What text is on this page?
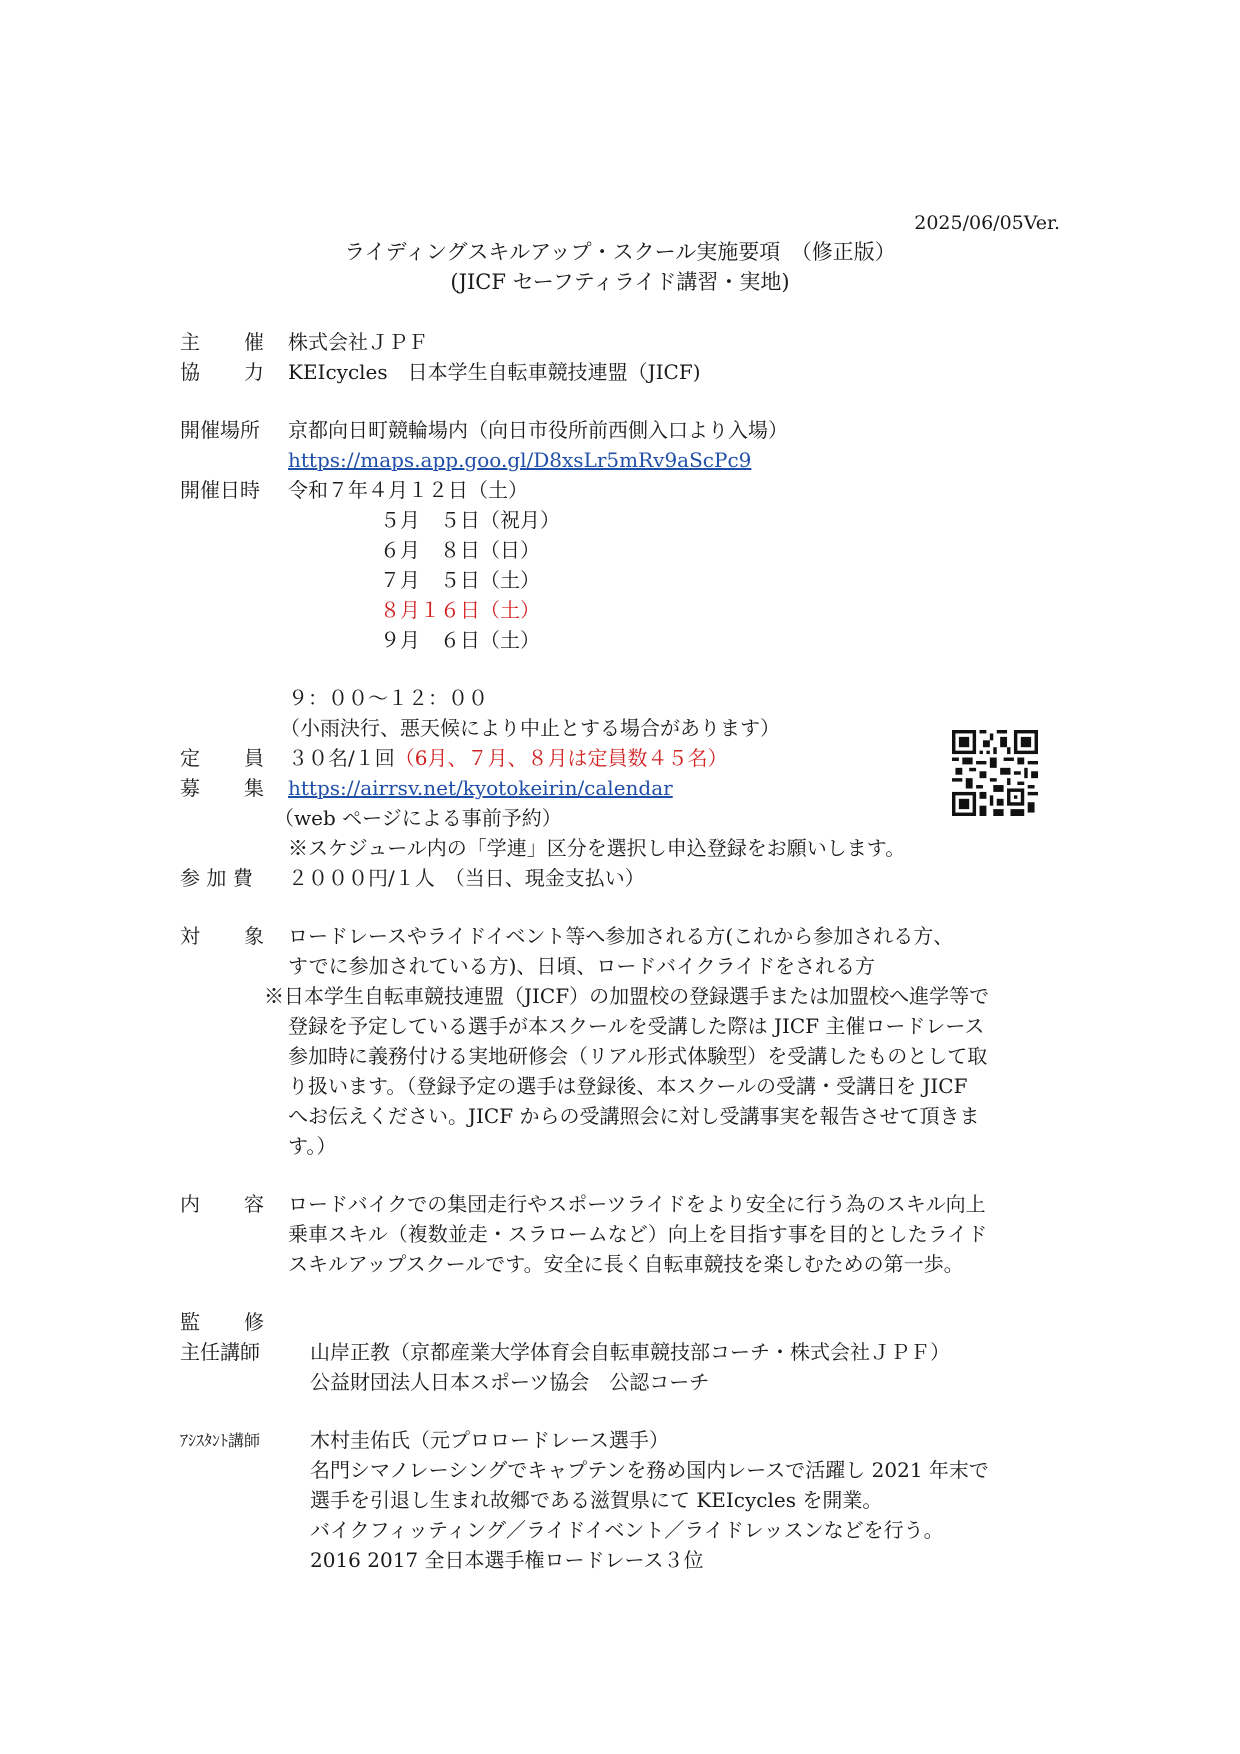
2025/06/05Ver.
ライディングスキルアップ・スクール実施要項　（修正版）
(JICF セーフティライド講習・実地)
主 催 株式会社ＪＰＦ
協 力 KEIcycles　日本学生自転車競技連盟（JICF)
開催場所 京都向日町競輪場内（向日市役所前西側入口より入場）
https://maps.app.goo.gl/D8xsLr5mRv9aScPc9
開催日時 令和７年４月１２日（土）
５月　５日（祝月）
６月　８日（日）
７月　５日（土）
８月１６日（土）
９月　６日（土）
９：００～１２：００
（小雨決行、悪天候により中止とする場合があります）
定 員 ３０名/１回（6月、７月、８月は定員数４５名）
募 集 https://airrsv.net/kyotokeirin/calendar
（web ページによる事前予約）
※スケジュール内の「学連」区分を選択し申込登録をお願いします。
参 加 費 ２０００円/１人　（当日、現金支払い）
対 象 ロードレースやライドイベント等へ参加される方(これから参加される方、
すでに参加されている方)、日頃、ロードバイクライドをされる方
※日本学生自転車競技連盟（JICF）の加盟校の登録選手または加盟校へ進学等で
登録を予定している選手が本スクールを受講した際は JICF 主催ロードレース
参加時に義務付ける実地研修会（リアル形式体験型）を受講したものとして取
り扱います。（登録予定の選手は登録後、本スクールの受講・受講日を JICF
へお伝えください。JICF からの受講照会に対し受講事実を報告させて頂きま
す。）
内 容 ロードバイクでの集団走行やスポーツライドをより安全に行う為のスキル向上
乗車スキル（複数並走・スラロームなど）向上を目指す事を目的としたライド
スキルアップスクールです。安全に長く自転車競技を楽しむための第一歩。
監 修
主任講師	山岸正教（京都産業大学体育会自転車競技部コーチ・株式会社ＪＰＦ）
公益財団法人日本スポーツ協会　公認コーチ
ｱｼｽﾀﾝﾄ講師 木村圭佑氏（元プロロードレース選手）
名門シマノレーシングでキャプテンを務め国内レースで活躍し 2021 年末で
選手を引退し生まれ故郷である滋賀県にて KEIcycles を開業。
バイクフィッティング／ライドイベント／ライドレッスンなどを行う。
2016 2017 全日本選手権ロードレース３位
